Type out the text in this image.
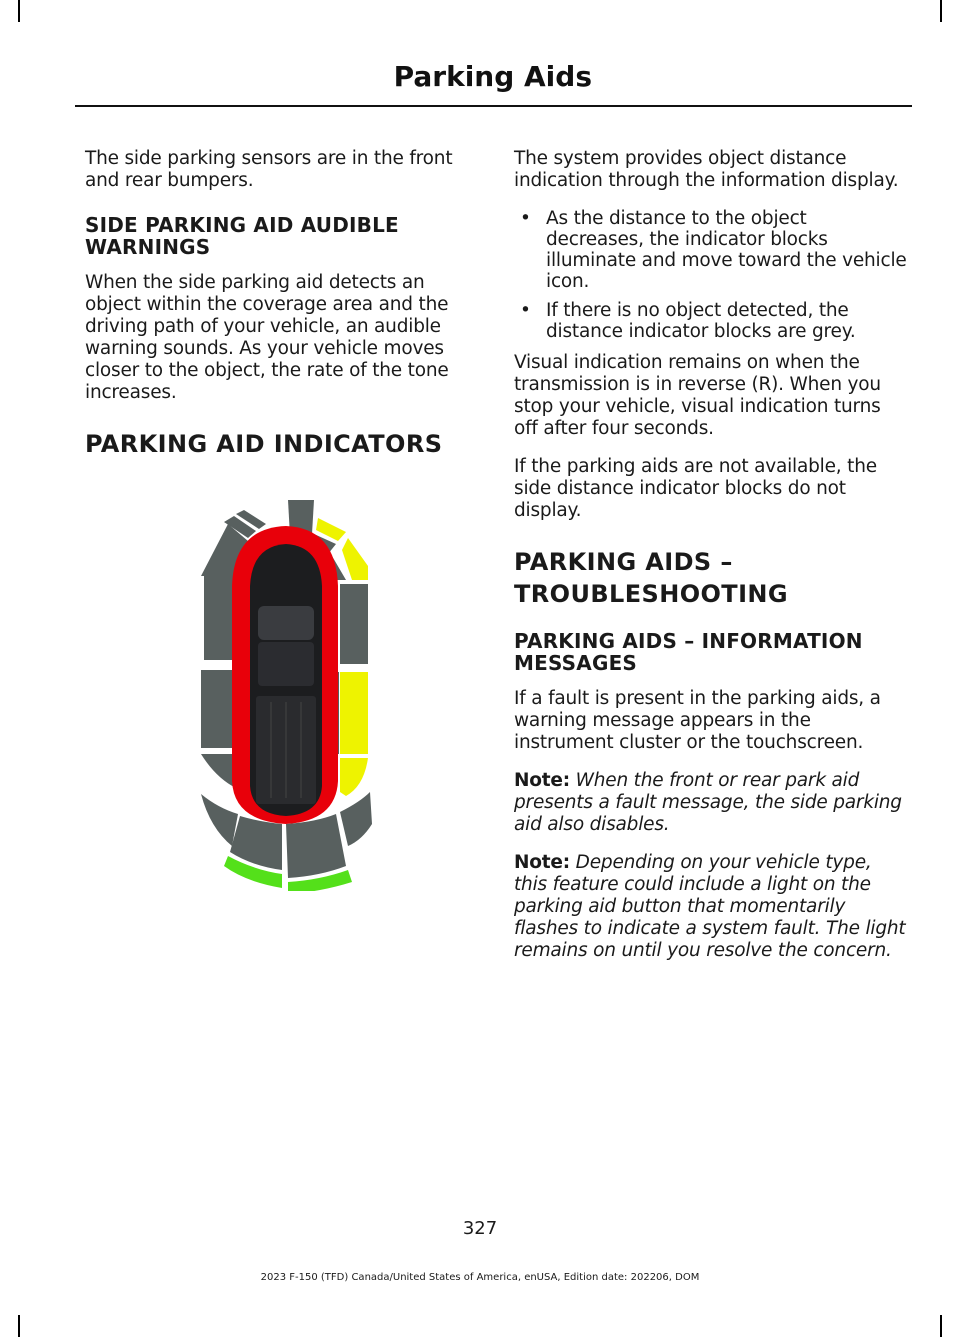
Parking Aids

The side parking sensors are in the front and rear bumpers.

SIDE PARKING AID AUDIBLE WARNINGS

When the side parking aid detects an object within the coverage area and the driving path of your vehicle, an audible warning sounds. As your vehicle moves closer to the object, the rate of the tone increases.

PARKING AID INDICATORS

The system provides object distance indication through the information display.

• As the distance to the object decreases, the indicator blocks illuminate and move toward the vehicle icon.
• If there is no object detected, the distance indicator blocks are grey.

Visual indication remains on when the transmission is in reverse (R). When you stop your vehicle, visual indication turns off after four seconds.

If the parking aids are not available, the side distance indicator blocks do not display.

PARKING AIDS –
TROUBLESHOOTING
PARKING AIDS – INFORMATION MESSAGES

If a fault is present in the parking aids, a warning message appears in the instrument cluster or the touchscreen.

Note: When the front or rear park aid presents a fault message, the side parking aid also disables.

Note: Depending on your vehicle type, this feature could include a light on the parking aid button that momentarily flashes to indicate a system fault. The light remains on until you resolve the concern.

327
2023 F-150 (TFD) Canada/United States of America, enUSA, Edition date: 202206, DOM
